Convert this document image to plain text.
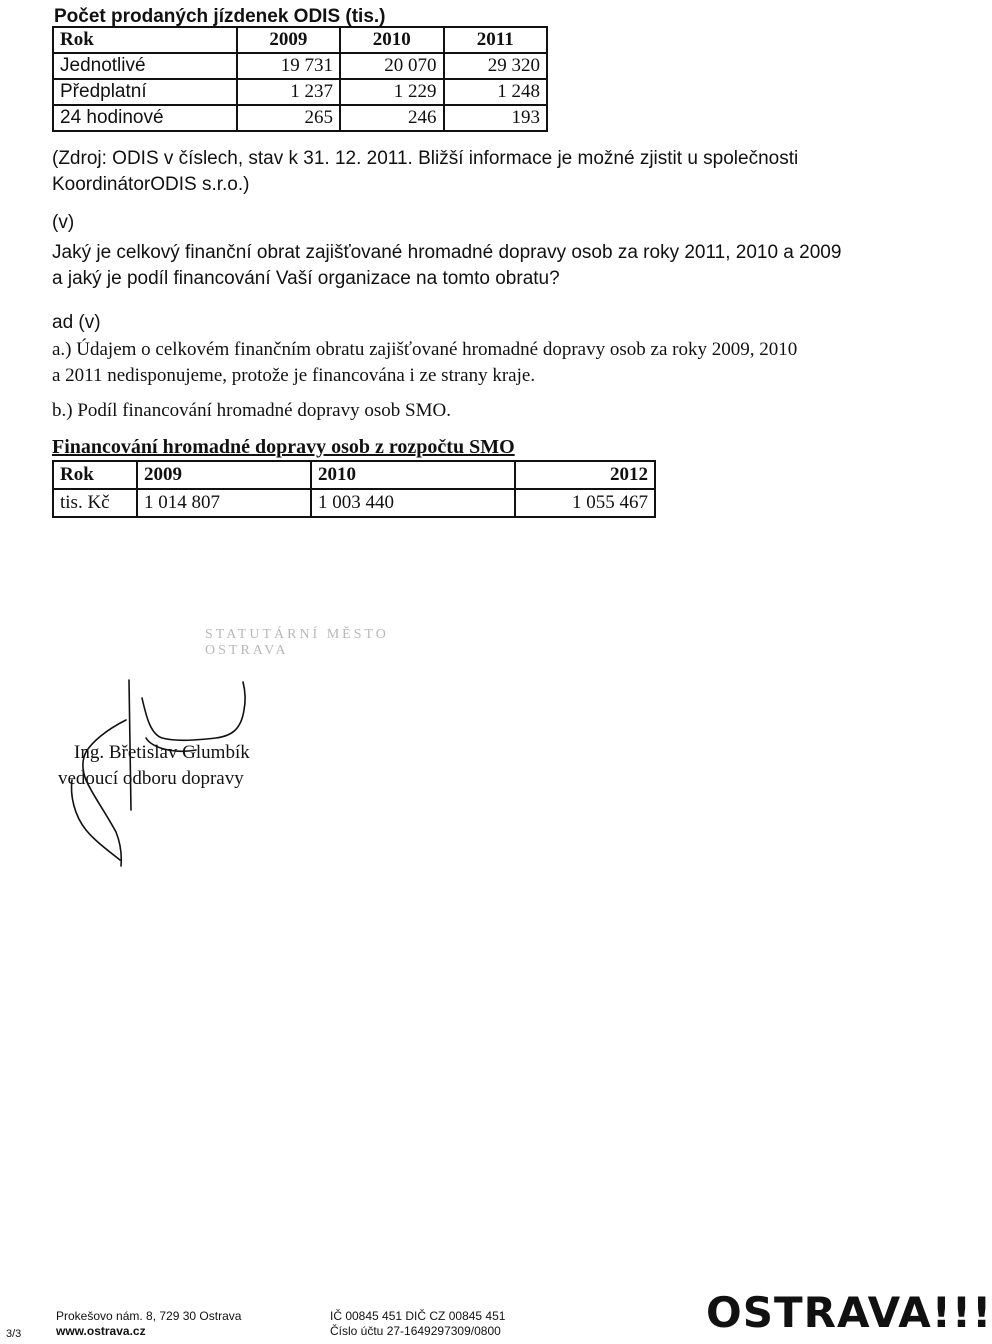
Počet prodaných jízdenek ODIS (tis.)
Rok	2009	2010	2011
Jednotlivé	19 731	20 070	29 320
Předplatní	1 237	1 229	1 248
24 hodinové	265	246	193
(Zdroj: ODIS v číslech, stav k 31. 12. 2011. Bližší informace je možné zjistit u společnosti
KoordinátorODIS s.r.o.)
(v)
Jaký je celkový finanční obrat zajišťované hromadné dopravy osob za roky 2011, 2010 a 2009
a jaký je podíl financování Vaší organizace na tomto obratu?
ad (v)
a.) Údajem o celkovém finančním obratu zajišťované hromadné dopravy osob za roky 2009, 2010
a 2011 nedisponujeme, protože je financována i ze strany kraje.
b.) Podíl financování hromadné dopravy osob SMO.
Financování hromadné dopravy osob z rozpočtu SMO
Rok	2009	2010	2012
tis. Kč	1 014 807	1 003 440	1 055 467
STATUTÁRNÍ MĚSTO OSTRAVA
Ing. Břetislav Glumbík
vedoucí odboru dopravy
3/3
Prokešovo nám. 8, 729 30 Ostrava
www.ostrava.cz
IČ 00845 451 DIČ CZ 00845 451
Číslo účtu 27-1649297309/0800	OSTRAVA!!!
